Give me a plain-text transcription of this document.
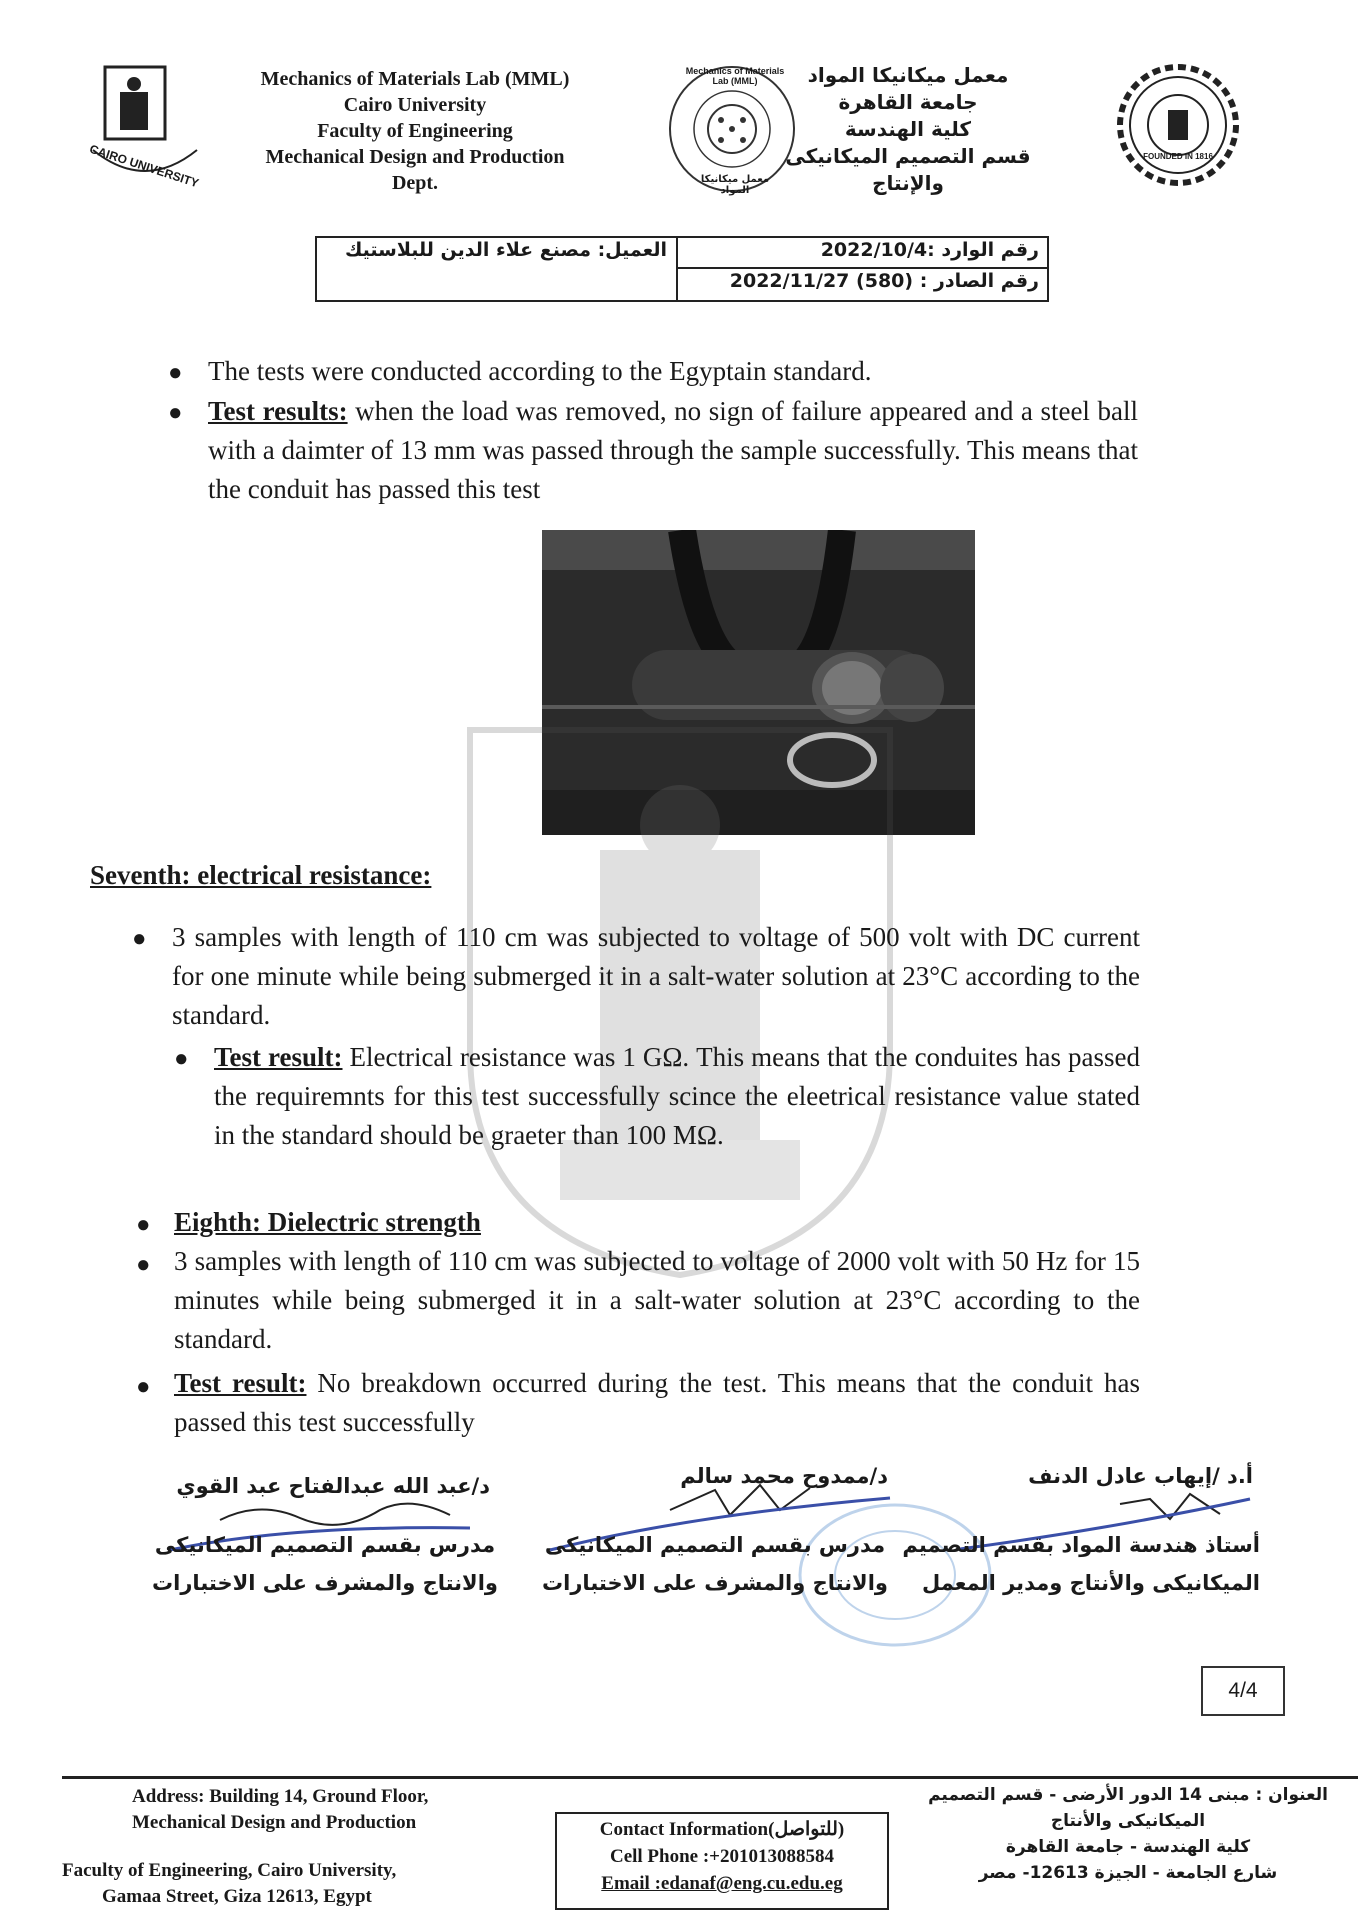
CAIRO UNIVERSITY
Mechanics of Materials Lab (MML)
Cairo University
Faculty of Engineering
Mechanical Design and Production
Dept.
Mechanics of Materials Lab (MML)
معمل ميكانيكا المواد
معمل ميكانيكا المواد
جامعة القاهرة
كلية الهندسة
قسم التصميم الميكانيكى
والإنتاج
FOUNDED IN 1816
العميل: مصنع علاء الدين للبلاستيك	رقم الوارد :2022/10/4
رقم الصادر : (580) 2022/11/27
● The tests were conducted according to the Egyptain standard.
● Test results: when the load was removed, no sign of failure appeared and a steel ball with a daimter of 13 mm was passed through the sample successfully. This means that the conduit has passed this test
Seventh: electrical resistance:
● 3 samples with length of 110 cm was subjected to voltage of 500 volt with DC current for one minute while being submerged it in a salt-water solution at 23°C according to the standard.
● Test result: Electrical resistance was 1 GΩ. This means that the conduites has passed the requiremnts for this test successfully scince the eleetrical resistance value stated in the standard should be graeter than 100 MΩ.
● Eighth: Dielectric strength
● 3 samples with length of 110 cm was subjected to voltage of 2000 volt with 50 Hz for 15 minutes while being submerged it in a salt-water solution at 23°C according to the standard.
● Test result: No breakdown occurred during the test. This means that the conduit has passed this test successfully
د/عبد الله عبدالفتاح عبد القوي	د/ممدوح محمد سالم	أ.د /إيهاب عادل الدنف
مدرس بقسم التصميم الميكانيكى
والانتاج والمشرف على الاختبارات
مدرس بقسم التصميم الميكانيكى
والانتاج والمشرف على الاختبارات
أستاذ هندسة المواد بقسم التصميم
الميكانيكى والأنتاج ومدير المعمل
4/4
Address: Building 14, Ground Floor,
Mechanical Design and Production
Faculty of Engineering, Cairo University,
Gamaa Street, Giza 12613, Egypt
Contact Information(للتواصل)
Cell Phone :+201013088584
Email :edanaf@eng.cu.edu.eg
العنوان : مبنى 14 الدور الأرضى - قسم التصميم
الميكانيكى والأنتاج
كلية الهندسة - جامعة القاهرة
شارع الجامعة - الجيزة 12613- مصر
